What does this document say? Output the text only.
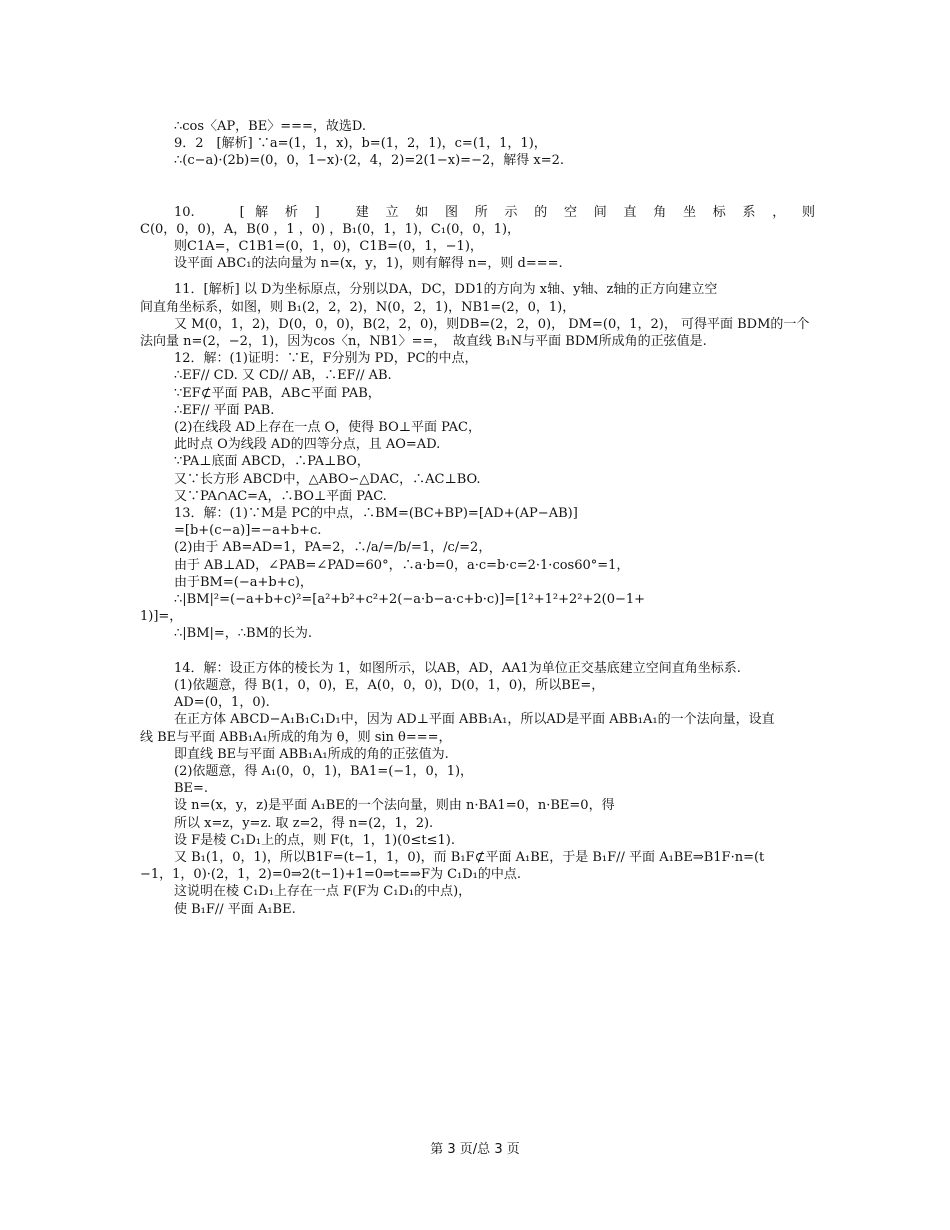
∴cos〈AP，BE〉===，故选D.
9．2　[解析] ∵a=(1，1，x)，b=(1，2，1)，c=(1，1，1)，
∴(c−a)·(2b)=(0，0，1−x)·(2，4，2)=2(1−x)=−2，解得 x=2.
10.　　[ 解 析 ]　 建 立 如 图 所 示 的 空 间 直 角 坐 标 系 ， 则
C(0，0，0)，A，B(0 ，1 ，0) ，B₁(0，1，1)，C₁(0，0，1)，
则C1A=，C1B1=(0，1，0)，C1B=(0，1，−1)，
设平面 ABC₁的法向量为 n=(x，y，1)，则有解得 n=，则 d===.
11．[解析] 以 D为坐标原点，分别以DA，DC，DD1的方向为 x轴、y轴、z轴的正方向建立空
间直角坐标系，如图，则 B₁(2，2，2)，N(0，2，1)，NB1=(2，0，1)，
又 M(0，1，2)，D(0，0，0)，B(2，2，0)，则DB=(2，2，0)， DM=(0，1，2)， 可得平面 BDM的一个
法向量 n=(2，−2，1)，因为cos〈n，NB1〉==，　故直线 B₁N与平面 BDM所成角的正弦值是.
12．解：(1)证明：∵E，F分别为 PD，PC的中点，
∴EF// CD. 又 CD// AB，∴EF// AB.
∵EF⊄平面 PAB，AB⊂平面 PAB，
∴EF// 平面 PAB.
(2)在线段 AD上存在一点 O，使得 BO⊥平面 PAC，
此时点 O为线段 AD的四等分点，且 AO=AD.
∵PA⊥底面 ABCD，∴PA⊥BO，
又∵长方形 ABCD中，△ABO∽△DAC，∴AC⊥BO.
又∵PA∩AC=A，∴BO⊥平面 PAC.
13．解：(1)∵M是 PC的中点，∴BM=(BC+BP)=[AD+(AP−AB)]
=[b+(c−a)]=−a+b+c.
(2)由于 AB=AD=1，PA=2，∴/a/=/b/=1，/c/=2，
由于 AB⊥AD，∠PAB=∠PAD=60°，∴a·b=0，a·c=b·c=2·1·cos60°=1，
由于BM=(−a+b+c)，
∴|BM|²=(−a+b+c)²=[a²+b²+c²+2(−a·b−a·c+b·c)]=[1²+1²+2²+2(0−1+
1)]=，
∴|BM|=，∴BM的长为.
14．解：设正方体的棱长为 1，如图所示，以AB，AD，AA1为单位正交基底建立空间直角坐标系.
(1)依题意，得 B(1，0，0)，E，A(0，0，0)，D(0，1，0)，所以BE=，
AD=(0，1，0).
在正方体 ABCD−A₁B₁C₁D₁中，因为 AD⊥平面 ABB₁A₁，所以AD是平面 ABB₁A₁的一个法向量，设直
线 BE与平面 ABB₁A₁所成的角为 θ，则 sin θ===，
即直线 BE与平面 ABB₁A₁所成的角的正弦值为.
(2)依题意，得 A₁(0，0，1)，BA1=(−1，0，1)，
BE=.
设 n=(x，y，z)是平面 A₁BE的一个法向量，则由 n·BA1=0，n·BE=0，得
所以 x=z，y=z. 取 z=2，得 n=(2，1，2).
设 F是棱 C₁D₁上的点，则 F(t，1，1)(0≤t≤1).
又 B₁(1，0，1)，所以B1F=(t−1，1，0)，而 B₁F⊄平面 A₁BE，于是 B₁F// 平面 A₁BE⇒B1F·n=(t
−1，1，0)·(2，1，2)=0⇒2(t−1)+1=0⇒t=⇒F为 C₁D₁的中点.
这说明在棱 C₁D₁上存在一点 F(F为 C₁D₁的中点)，
使 B₁F// 平面 A₁BE.
第 3 页/总 3 页
